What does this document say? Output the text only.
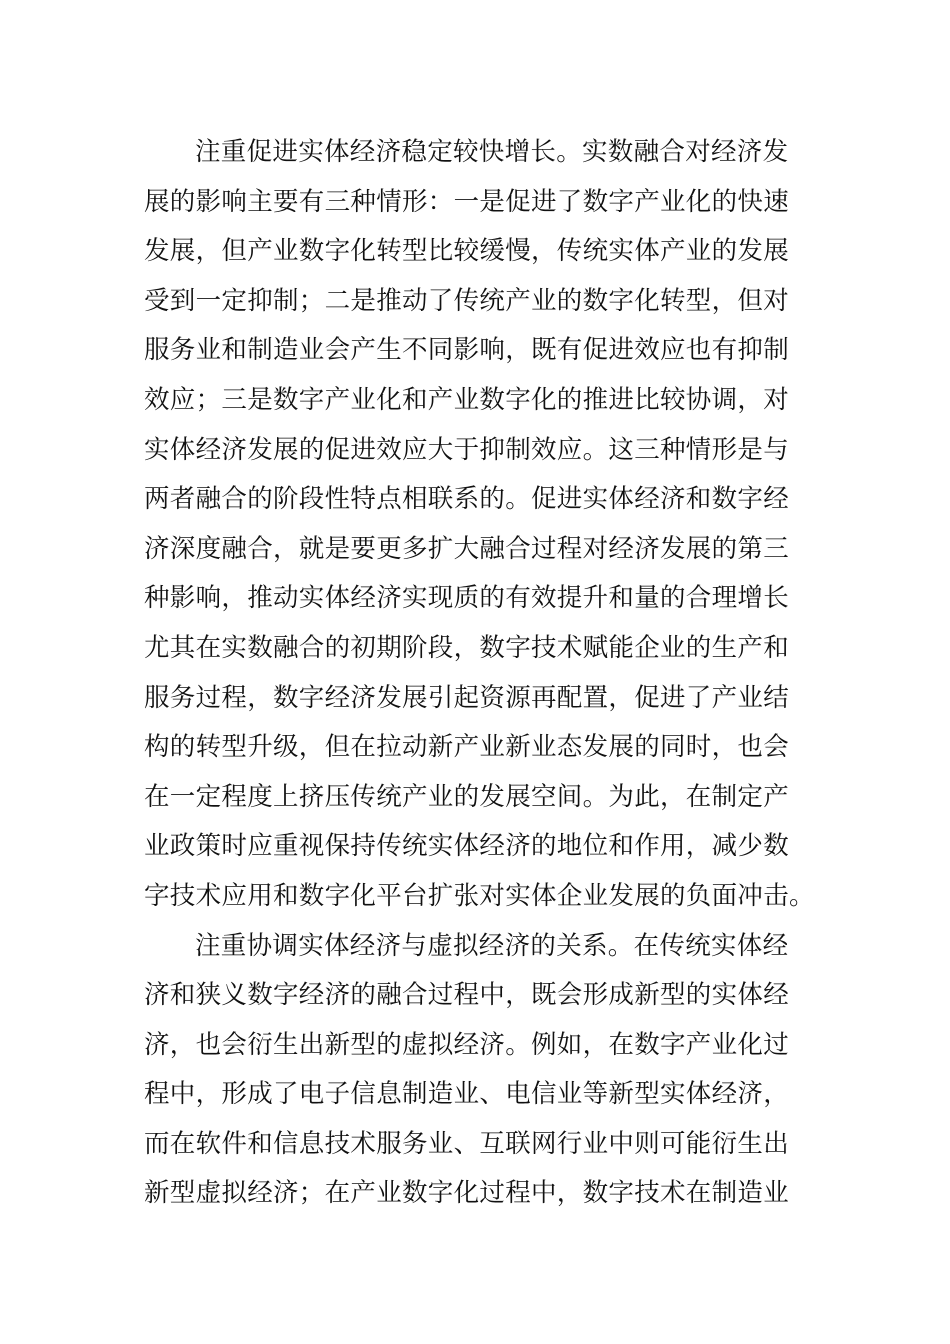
注重促进实体经济稳定较快增长。实数融合对经济发
展的影响主要有三种情形：一是促进了数字产业化的快速
发展，但产业数字化转型比较缓慢，传统实体产业的发展
受到一定抑制；二是推动了传统产业的数字化转型，但对
服务业和制造业会产生不同影响，既有促进效应也有抑制
效应；三是数字产业化和产业数字化的推进比较协调，对
实体经济发展的促进效应大于抑制效应。这三种情形是与
两者融合的阶段性特点相联系的。促进实体经济和数字经
济深度融合，就是要更多扩大融合过程对经济发展的第三
种影响，推动实体经济实现质的有效提升和量的合理增长
尤其在实数融合的初期阶段，数字技术赋能企业的生产和
服务过程，数字经济发展引起资源再配置，促进了产业结
构的转型升级，但在拉动新产业新业态发展的同时，也会
在一定程度上挤压传统产业的发展空间。为此，在制定产
业政策时应重视保持传统实体经济的地位和作用，减少数
字技术应用和数字化平台扩张对实体企业发展的负面冲击。
注重协调实体经济与虚拟经济的关系。在传统实体经
济和狭义数字经济的融合过程中，既会形成新型的实体经
济，也会衍生出新型的虚拟经济。例如，在数字产业化过
程中，形成了电子信息制造业、电信业等新型实体经济，
而在软件和信息技术服务业、互联网行业中则可能衍生出
新型虚拟经济；在产业数字化过程中，数字技术在制造业
